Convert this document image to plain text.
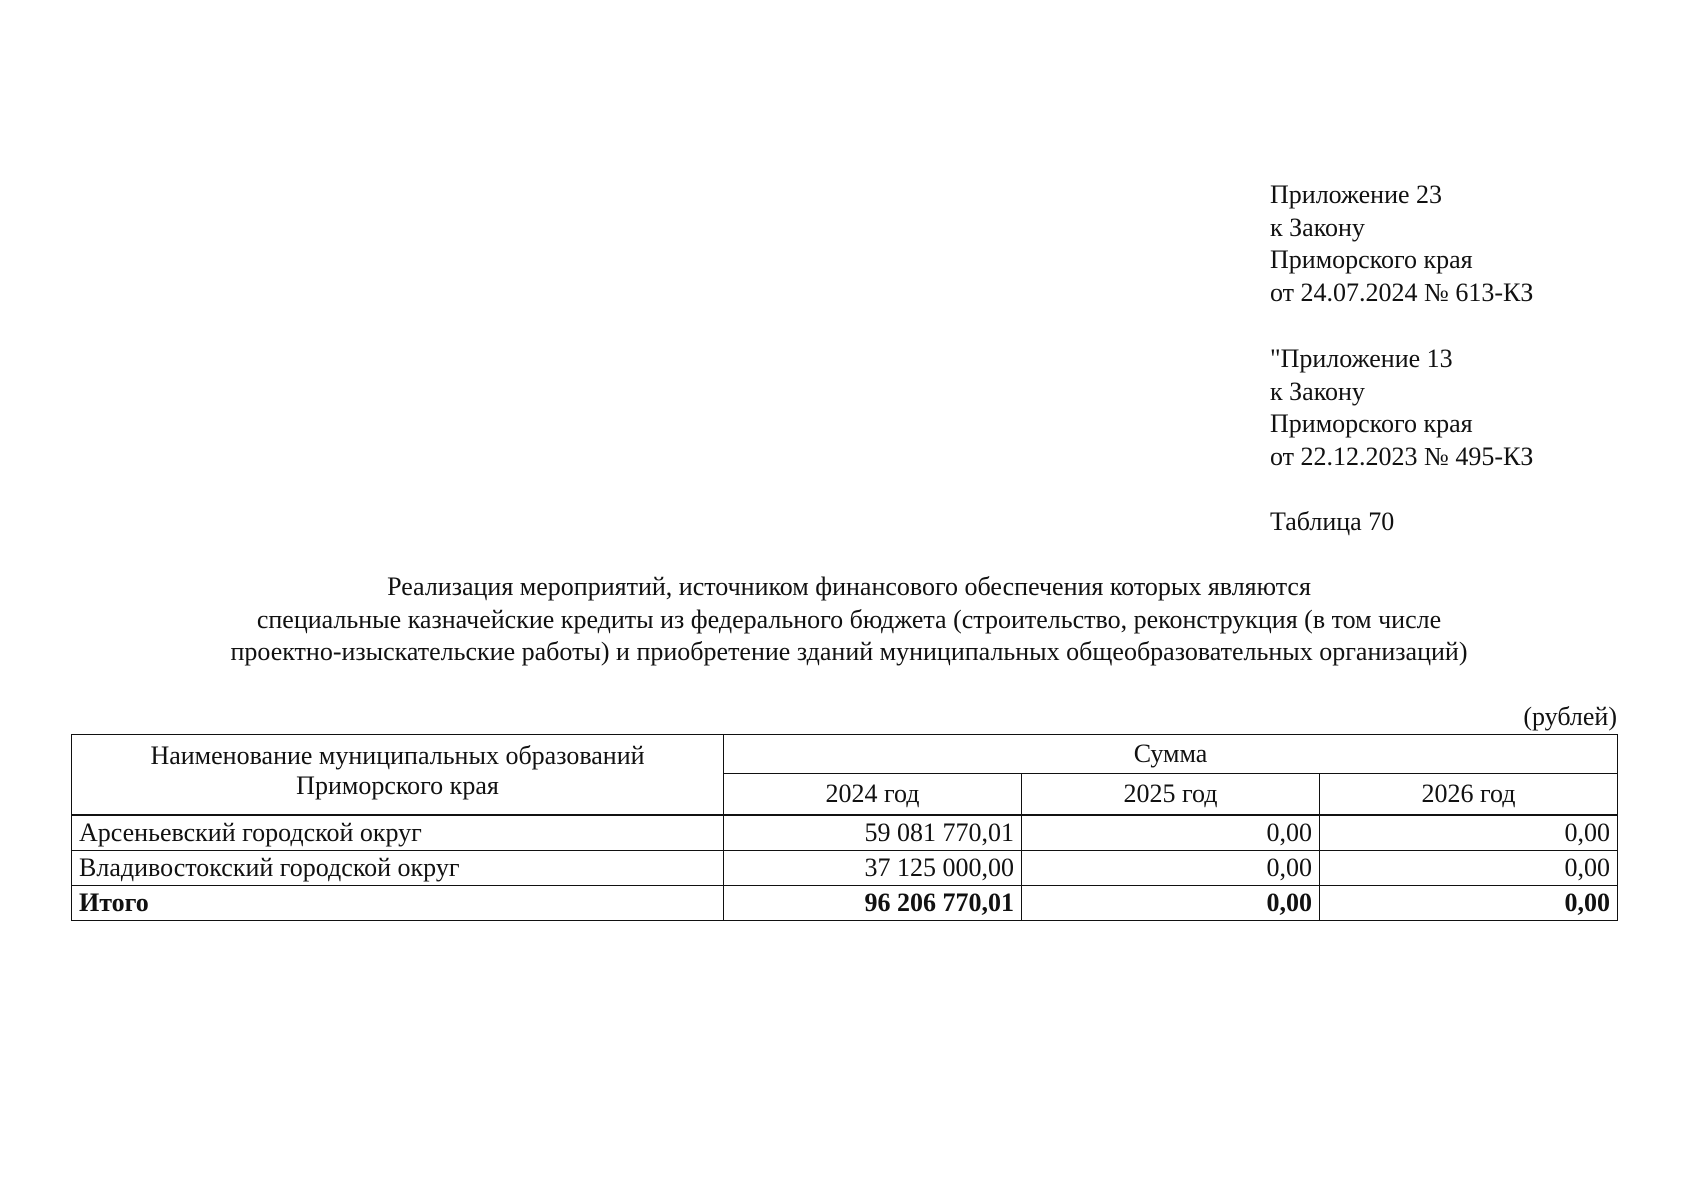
Приложение 23
к Закону
Приморского края
от 24.07.2024 № 613-КЗ
"Приложение 13
к Закону
Приморского края
от 22.12.2023 № 495-КЗ
Таблица 70
Реализация мероприятий, источником финансового обеспечения которых являются
специальные казначейские кредиты из федерального бюджета (строительство, реконструкция (в том числе
проектно-изыскательские работы) и приобретение зданий муниципальных общеобразовательных организаций)
(рублей)
Наименование муниципальных образований Приморского края	Сумма		
	2024 год	2025 год	2026 год

Арсеньевский городской округ	59 081 770,01	0,00	0,00
Владивостокский городской округ	37 125 000,00	0,00	0,00
Итого	96 206 770,01	0,00	0,00
